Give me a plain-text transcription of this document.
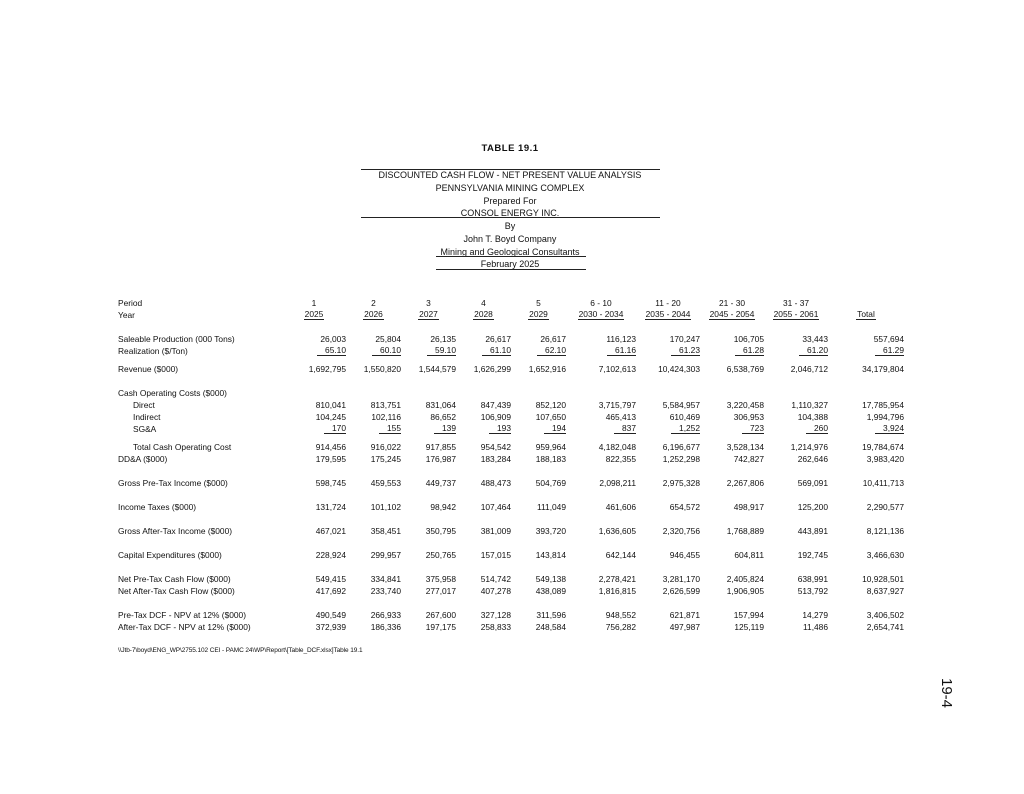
TABLE 19.1
DISCOUNTED CASH FLOW - NET PRESENT VALUE ANALYSIS
PENNSYLVANIA MINING COMPLEX
Prepared For
CONSOL ENERGY INC.
By
John T. Boyd Company
Mining and Geological Consultants
February 2025
Period	1	2	3	4	5	6 - 10	11 - 20	21 - 30	31 - 37	
Year	2025	2026	2027	2028	2029	2030 - 2034	2035 - 2044	2045 - 2054	2055 - 2061	Total

Saleable Production (000 Tons)	26,003	25,804	26,135	26,617	26,617	116,123	170,247	106,705	33,443	557,694
Realization ($/Ton)	65.10	60.10	59.10	61.10	62.10	61.16	61.23	61.28	61.20	61.29

Revenue ($000)	1,692,795	1,550,820	1,544,579	1,626,299	1,652,916	7,102,613	10,424,303	6,538,769	2,046,712	34,179,804

Cash Operating Costs ($000)										
Direct	810,041	813,751	831,064	847,439	852,120	3,715,797	5,584,957	3,220,458	1,110,327	17,785,954
Indirect	104,245	102,116	86,652	106,909	107,650	465,413	610,469	306,953	104,388	1,994,796
SG&A	170	155	139	193	194	837	1,252	723	260	3,924

Total Cash Operating Cost	914,456	916,022	917,855	954,542	959,964	4,182,048	6,196,677	3,528,134	1,214,976	19,784,674
DD&A ($000)	179,595	175,245	176,987	183,284	188,183	822,355	1,252,298	742,827	262,646	3,983,420

Gross Pre-Tax Income ($000)	598,745	459,553	449,737	488,473	504,769	2,098,211	2,975,328	2,267,806	569,091	10,411,713

Income Taxes ($000)	131,724	101,102	98,942	107,464	111,049	461,606	654,572	498,917	125,200	2,290,577

Gross After-Tax Income ($000)	467,021	358,451	350,795	381,009	393,720	1,636,605	2,320,756	1,768,889	443,891	8,121,136

Capital Expenditures ($000)	228,924	299,957	250,765	157,015	143,814	642,144	946,455	604,811	192,745	3,466,630

Net Pre-Tax Cash Flow ($000)	549,415	334,841	375,958	514,742	549,138	2,278,421	3,281,170	2,405,824	638,991	10,928,501
Net After-Tax Cash Flow ($000)	417,692	233,740	277,017	407,278	438,089	1,816,815	2,626,599	1,906,905	513,792	8,637,927

Pre-Tax DCF - NPV at 12% ($000)	490,549	266,933	267,600	327,128	311,596	948,552	621,871	157,994	14,279	3,406,502
After-Tax DCF - NPV at 12% ($000)	372,939	186,336	197,175	258,833	248,584	756,282	497,987	125,119	11,486	2,654,741
\\Jtb-7\boyd\ENG_WP\2755.102 CEI - PAMC 24\WP\Report\[Table_DCF.xlsx]Table 19.1
19-4
